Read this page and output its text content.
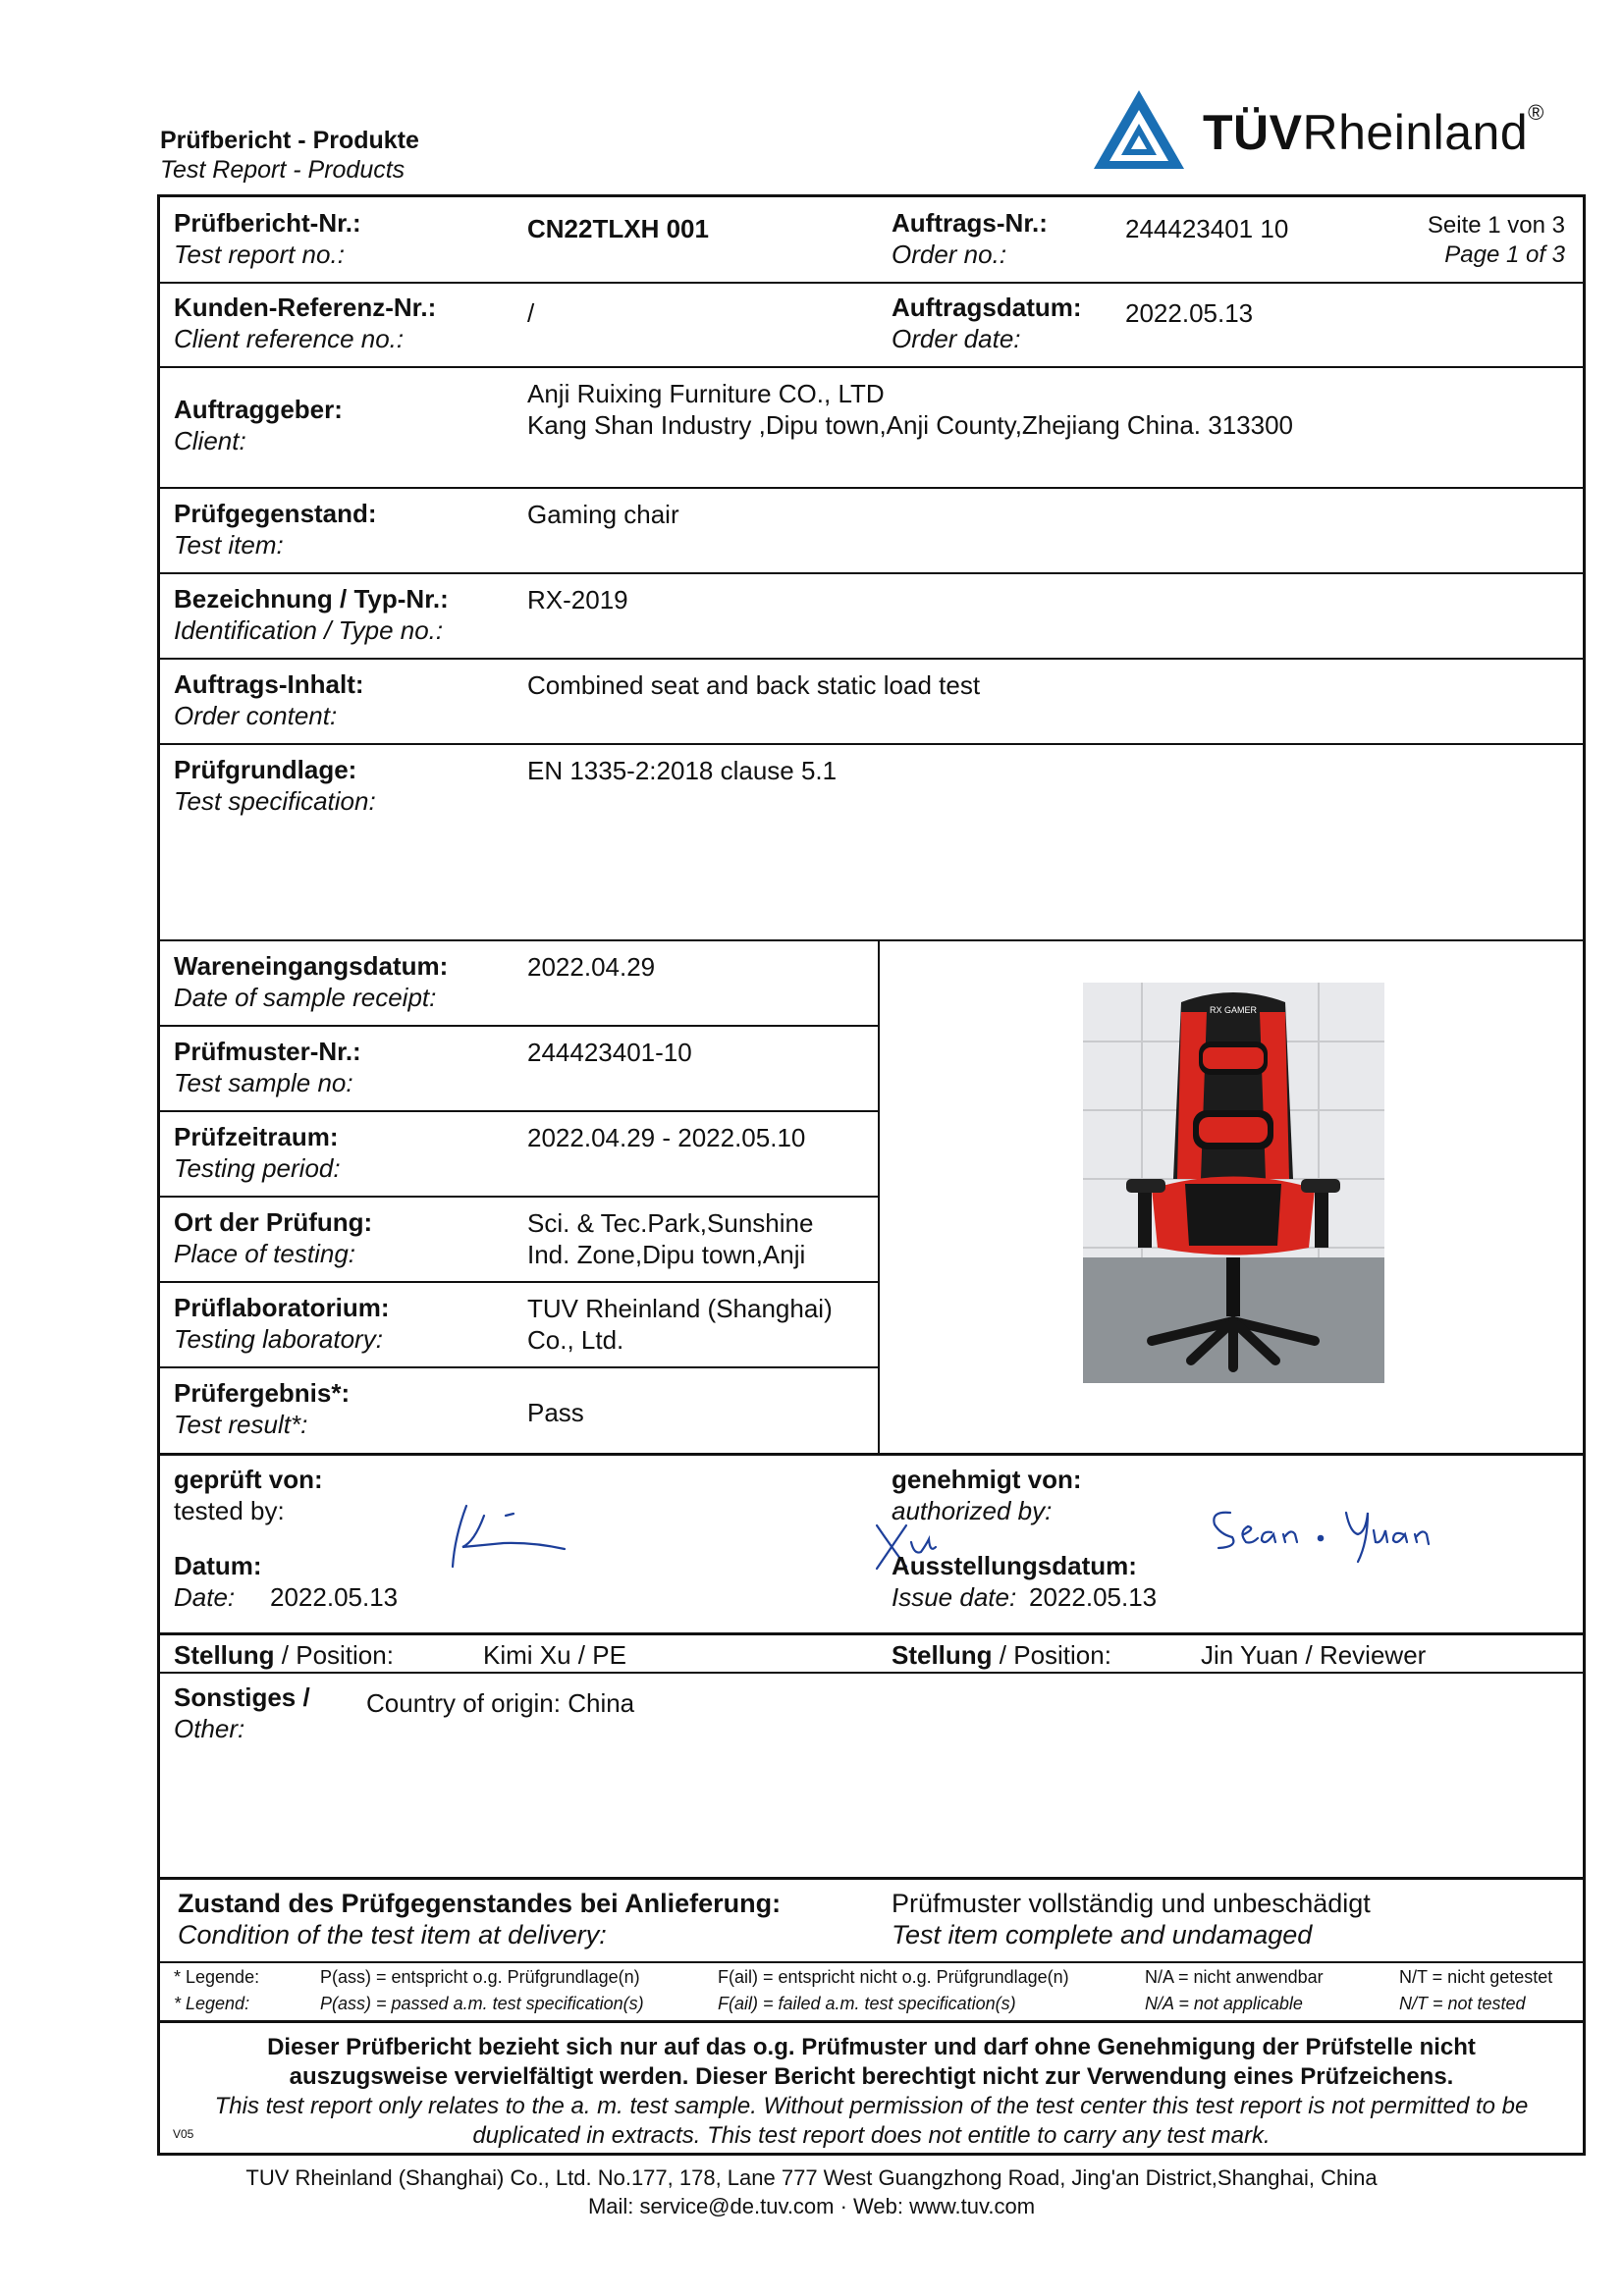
Prüfbericht - Produkte
Test Report - Products
TÜVRheinland®
Prüfbericht-Nr.:
Test report no.:
CN22TLXH 001	Auftrags-Nr.:
Order no.:
244423401 10	Seite 1 von 3
Page 1 of 3
Kunden-Referenz-Nr.:
Client reference no.:
/	Auftragsdatum:
Order date:
2022.05.13
Auftraggeber:
Client:
Anji Ruixing Furniture CO., LTD
Kang Shan Industry ,Dipu town,Anji County,Zhejiang China. 313300
Prüfgegenstand:
Test item:
Gaming chair
Bezeichnung / Typ-Nr.:
Identification / Type no.:
RX-2019
Auftrags-Inhalt:
Order content:
Combined seat and back static load test
Prüfgrundlage:
Test specification:
EN 1335-2:2018 clause 5.1
Wareneingangsdatum:
Date of sample receipt:
2022.04.29
Prüfmuster-Nr.:
Test sample no:
244423401-10
Prüfzeitraum:
Testing period:
2022.04.29 - 2022.05.10
Ort der Prüfung:
Place of testing:
Sci. & Tec.Park,Sunshine
Ind. Zone,Dipu town,Anji
Prüflaboratorium:
Testing laboratory:
TUV Rheinland (Shanghai)
Co., Ltd.
Prüfergebnis*:
Test result*:	Pass
RX GAMER
geprüft von:
tested by:
Datum:
Date:	2022.05.13
genehmigt von:
authorized by:
Ausstellungsdatum:
Issue date: 2022.05.13
Stellung / Position:	Kimi Xu / PE	Stellung / Position:	Jin Yuan / Reviewer
Sonstiges /
Other:
Country of origin: China
Zustand des Prüfgegenstandes bei Anlieferung:
Condition of the test item at delivery:
Prüfmuster vollständig und unbeschädigt
Test item complete and undamaged
* Legende:	P(ass) = entspricht o.g. Prüfgrundlage(n)	F(ail) = entspricht nicht o.g. Prüfgrundlage(n)	N/A = nicht anwendbar	N/T = nicht getestet
* Legend:	P(ass) = passed a.m. test specification(s)	F(ail) = failed a.m. test specification(s)	N/A = not applicable	N/T = not tested
Dieser Prüfbericht bezieht sich nur auf das o.g. Prüfmuster und darf ohne Genehmigung der Prüfstelle nicht
auszugsweise vervielfältigt werden. Dieser Bericht berechtigt nicht zur Verwendung eines Prüfzeichens.
This test report only relates to the a. m. test sample. Without permission of the test center this test report is not permitted to be
duplicated in extracts. This test report does not entitle to carry any test mark.
V05
TUV Rheinland (Shanghai) Co., Ltd. No.177, 178, Lane 777 West Guangzhong Road, Jing'an District,Shanghai, China
Mail: service@de.tuv.com · Web: www.tuv.com
